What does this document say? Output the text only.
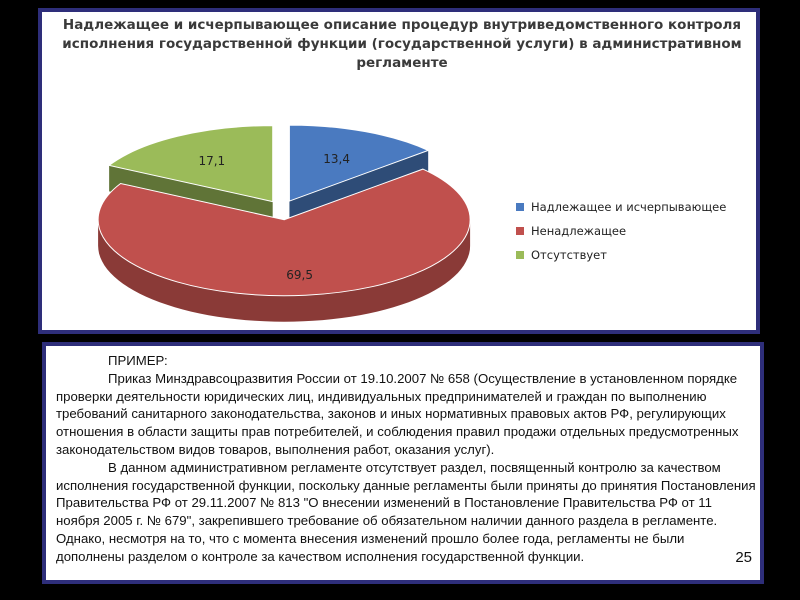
13,4
69,5
17,1
Надлежащее и исчерпывающее описание процедур внутриведомственного контроля исполнения государственной функции (государственной услуги) в административном регламенте
Надлежащее и исчерпывающее
Ненадлежащее
Отсутствует

ПРИМЕР:

Приказ Минздравсоцразвития России от 19.10.2007 № 658 (Осуществление в установленном порядке проверки деятельности юридических лиц, индивидуальных предпринимателей и граждан по выполнению требований санитарного законодательства, законов и иных нормативных правовых актов РФ, регулирующих отношения в области защиты прав потребителей, и соблюдения правил продажи отдельных предусмотренных законодательством видов товаров, выполнения работ, оказания услуг).

В данном административном регламенте отсутствует раздел, посвященный контролю за качеством исполнения государственной функции, поскольку данные регламенты были приняты до принятия Постановления Правительства РФ от 29.11.2007 № 813 "О внесении изменений в Постановление Правительства РФ от 11 ноября 2005 г. № 679", закрепившего требование об обязательном наличии данного раздела в регламенте. Однако, несмотря на то, что с момента внесения изменений прошло более года, регламенты не были дополнены разделом о контроле за качеством исполнения государственной функции.	25
